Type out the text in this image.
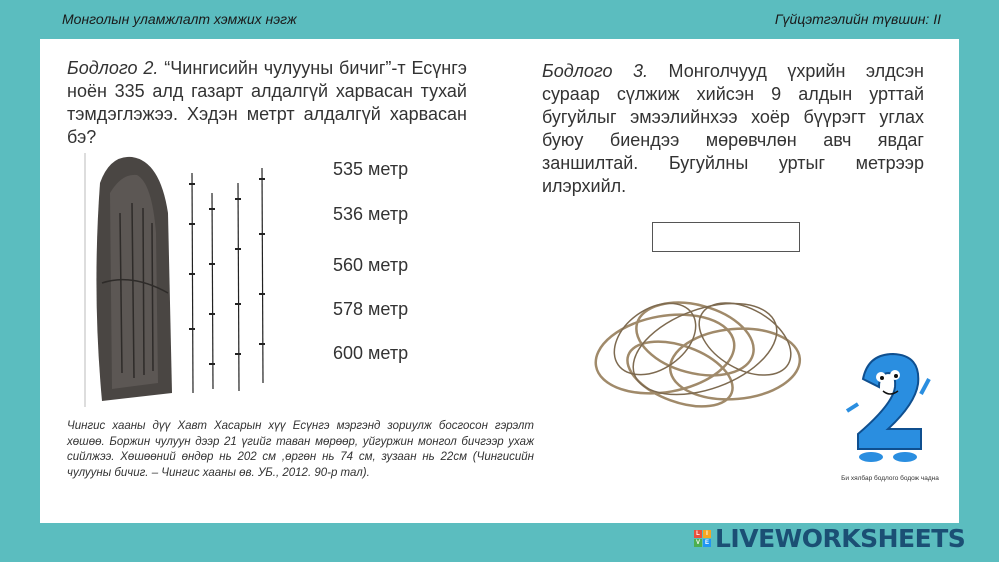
Монголын уламжлалт хэмжих нэгж	Гүйцэтгэлийн түвшин: II
Бодлого 2. “Чингисийн чулууны бичиг”-т Есүнгэ ноён 335 алд газарт алдалгүй харвасан тухай тэмдэглэжээ. Хэдэн метрт алдалгүй харвасан бэ?
535 метр
536 метр
560 метр
578 метр
600 метр
Чингис хааны дүү Хавт Хасарын хүү Есүнгэ мэргэнд зориулж босгосон гэрэлт хөшөө. Боржин чулуун дээр 21 үгийг таван мөрөөр, уйгуржин монгол бичгээр ухаж сийлжээ. Хөшөөний өндөр нь 202 см ,өргөн нь 74 см, зузаан нь 22см (Чингисийн чулууны бичиг. – Чингис хааны өв. УБ., 2012. 90-р тал).
Бодлого 3. Монголчууд үхрийн элдсэн сураар сүлжиж хийсэн 9 алдын урттай бугуйлыг эмээлийнхээ хоёр бүүрэгт углах буюу биендээ мөрөвчлөн авч явдаг заншилтай. Бугуйлны уртыг метрээр илэрхийл.
Би хялбар бодлого бодож чадна
L	I
V E LIVEWORKSHEETS
